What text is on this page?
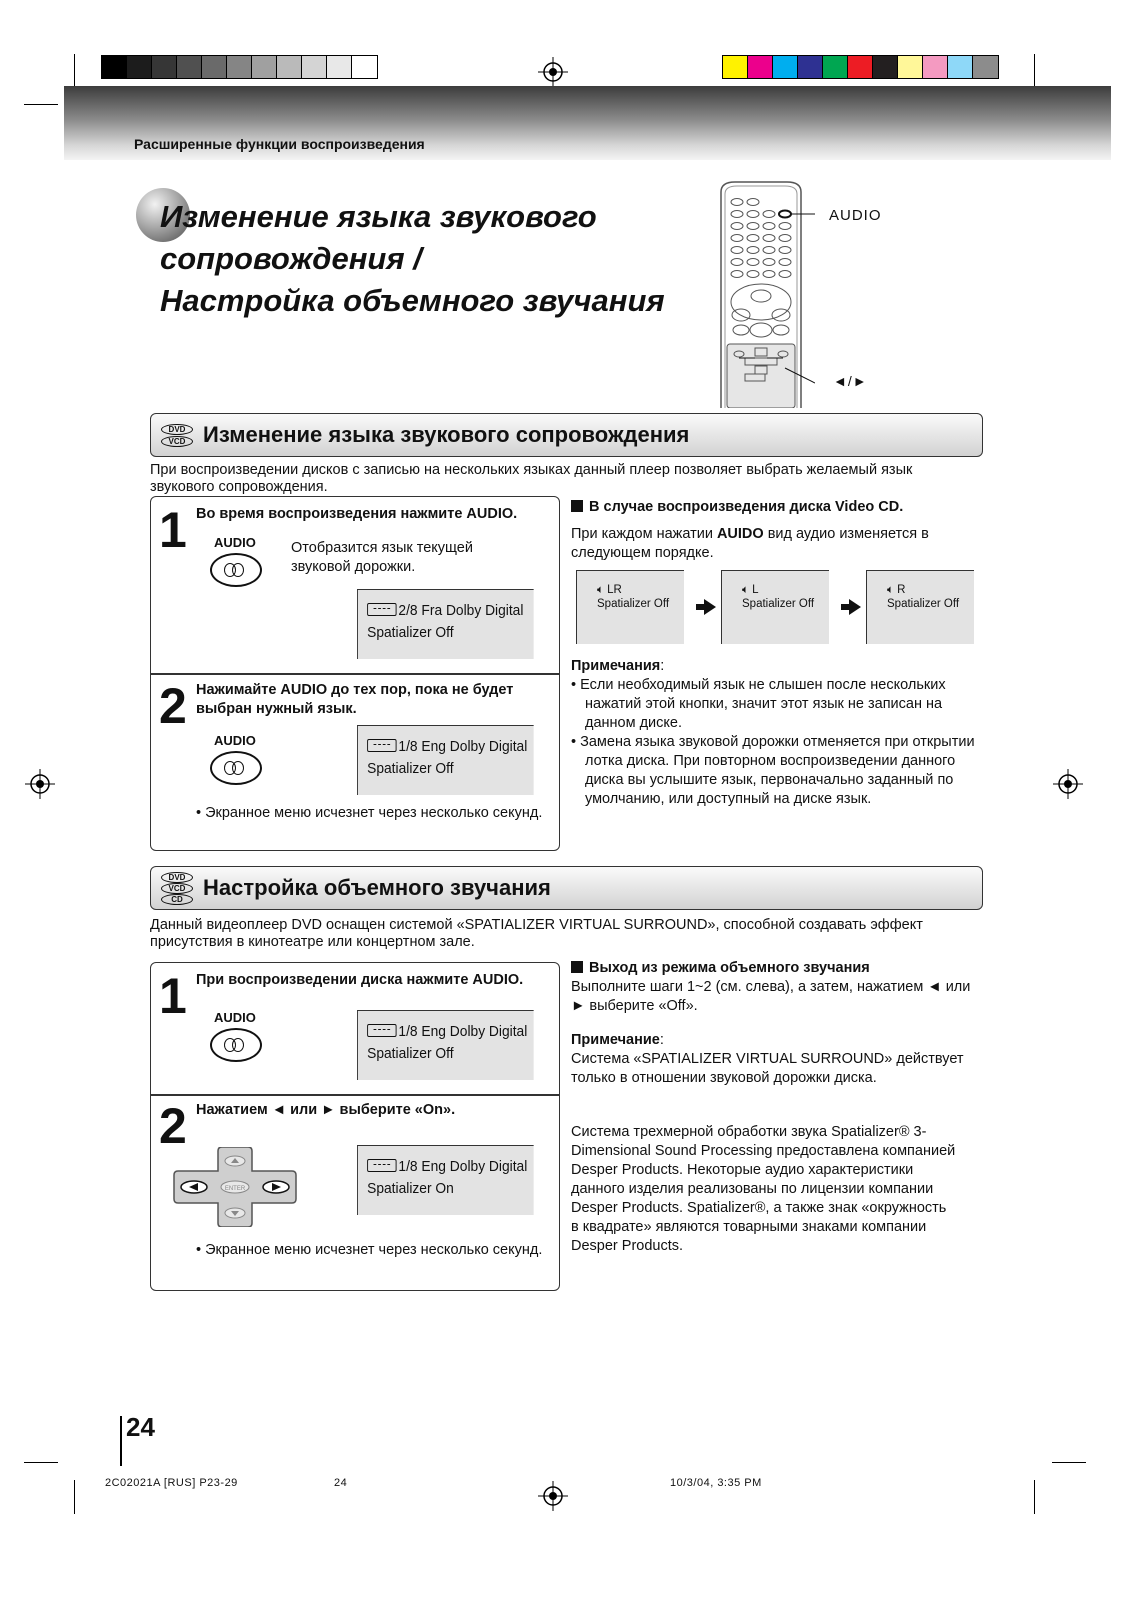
Расширенные функции воспроизведения
Изменение языка звукового
сопровождения /
Настройка объемного звучания
AUDIO
◄/►
DVD
VCD Изменение языка звукового сопровождения
При воспроизведении дисков с записью на нескольких языках данный плеер позволяет выбрать желаемый язык звукового сопровождения.
1 Во время воспроизведения нажмите AUDIO.
AUDIO Отобразится язык текущей звуковой дорожки.
2/8 Fra Dolby Digital
Spatializer Off
2 Нажимайте AUDIO до тех пор, пока не будет выбран нужный язык.
AUDIO	1/8 Eng Dolby Digital
Spatializer Off
• Экранное меню исчезнет через несколько секунд.
В случае воспроизведения диска Video CD.
При каждом нажатии AUIDO вид аудио изменяется в следующем порядке.
🔈︎ LR
Spatializer Off
🔈︎ L
Spatializer Off
🔈︎ R
Spatializer Off
Примечания:
• Если необходимый язык не слышен после нескольких нажатий этой кнопки, значит этот язык не записан на данном диске.
• Замена языка звуковой дорожки отменяется при открытии лотка диска. При повторном воспроизведении данного диска вы услышите язык, первоначально заданный по умолчанию, или доступный на диске язык.
DVD
VCD
CD Настройка объемного звучания
Данный видеоплеер DVD оснащен системой «SPATIALIZER VIRTUAL SURROUND», способной создавать эффект присутствия в кинотеатре или концертном зале.
1 При воспроизведении диска нажмите AUDIO.
AUDIO
1/8 Eng Dolby Digital
Spatializer Off
2 Нажатием ◄ или ► выберите «On».
ENTER
1/8 Eng Dolby Digital
Spatializer On
• Экранное меню исчезнет через несколько секунд.
Выход из режима объемного звучания
Выполните шаги 1~2 (см. слева), а затем, нажатием ◄ или ► выберите «Off».
Примечание:
Система «SPATIALIZER VIRTUAL SURROUND» действует только в отношении звуковой дорожки диска.
Система трехмерной обработки звука Spatializer® 3-Dimensional Sound Processing предоставлена компанией Desper Products. Некоторые аудио характеристики данного изделия реализованы по лицензии компании Desper Products. Spatializer®, а также знак «окружность в квадрате» являются товарными знаками компании Desper Products.
24
2C02021A [RUS] P23-29	24	10/3/04, 3:35 PM
